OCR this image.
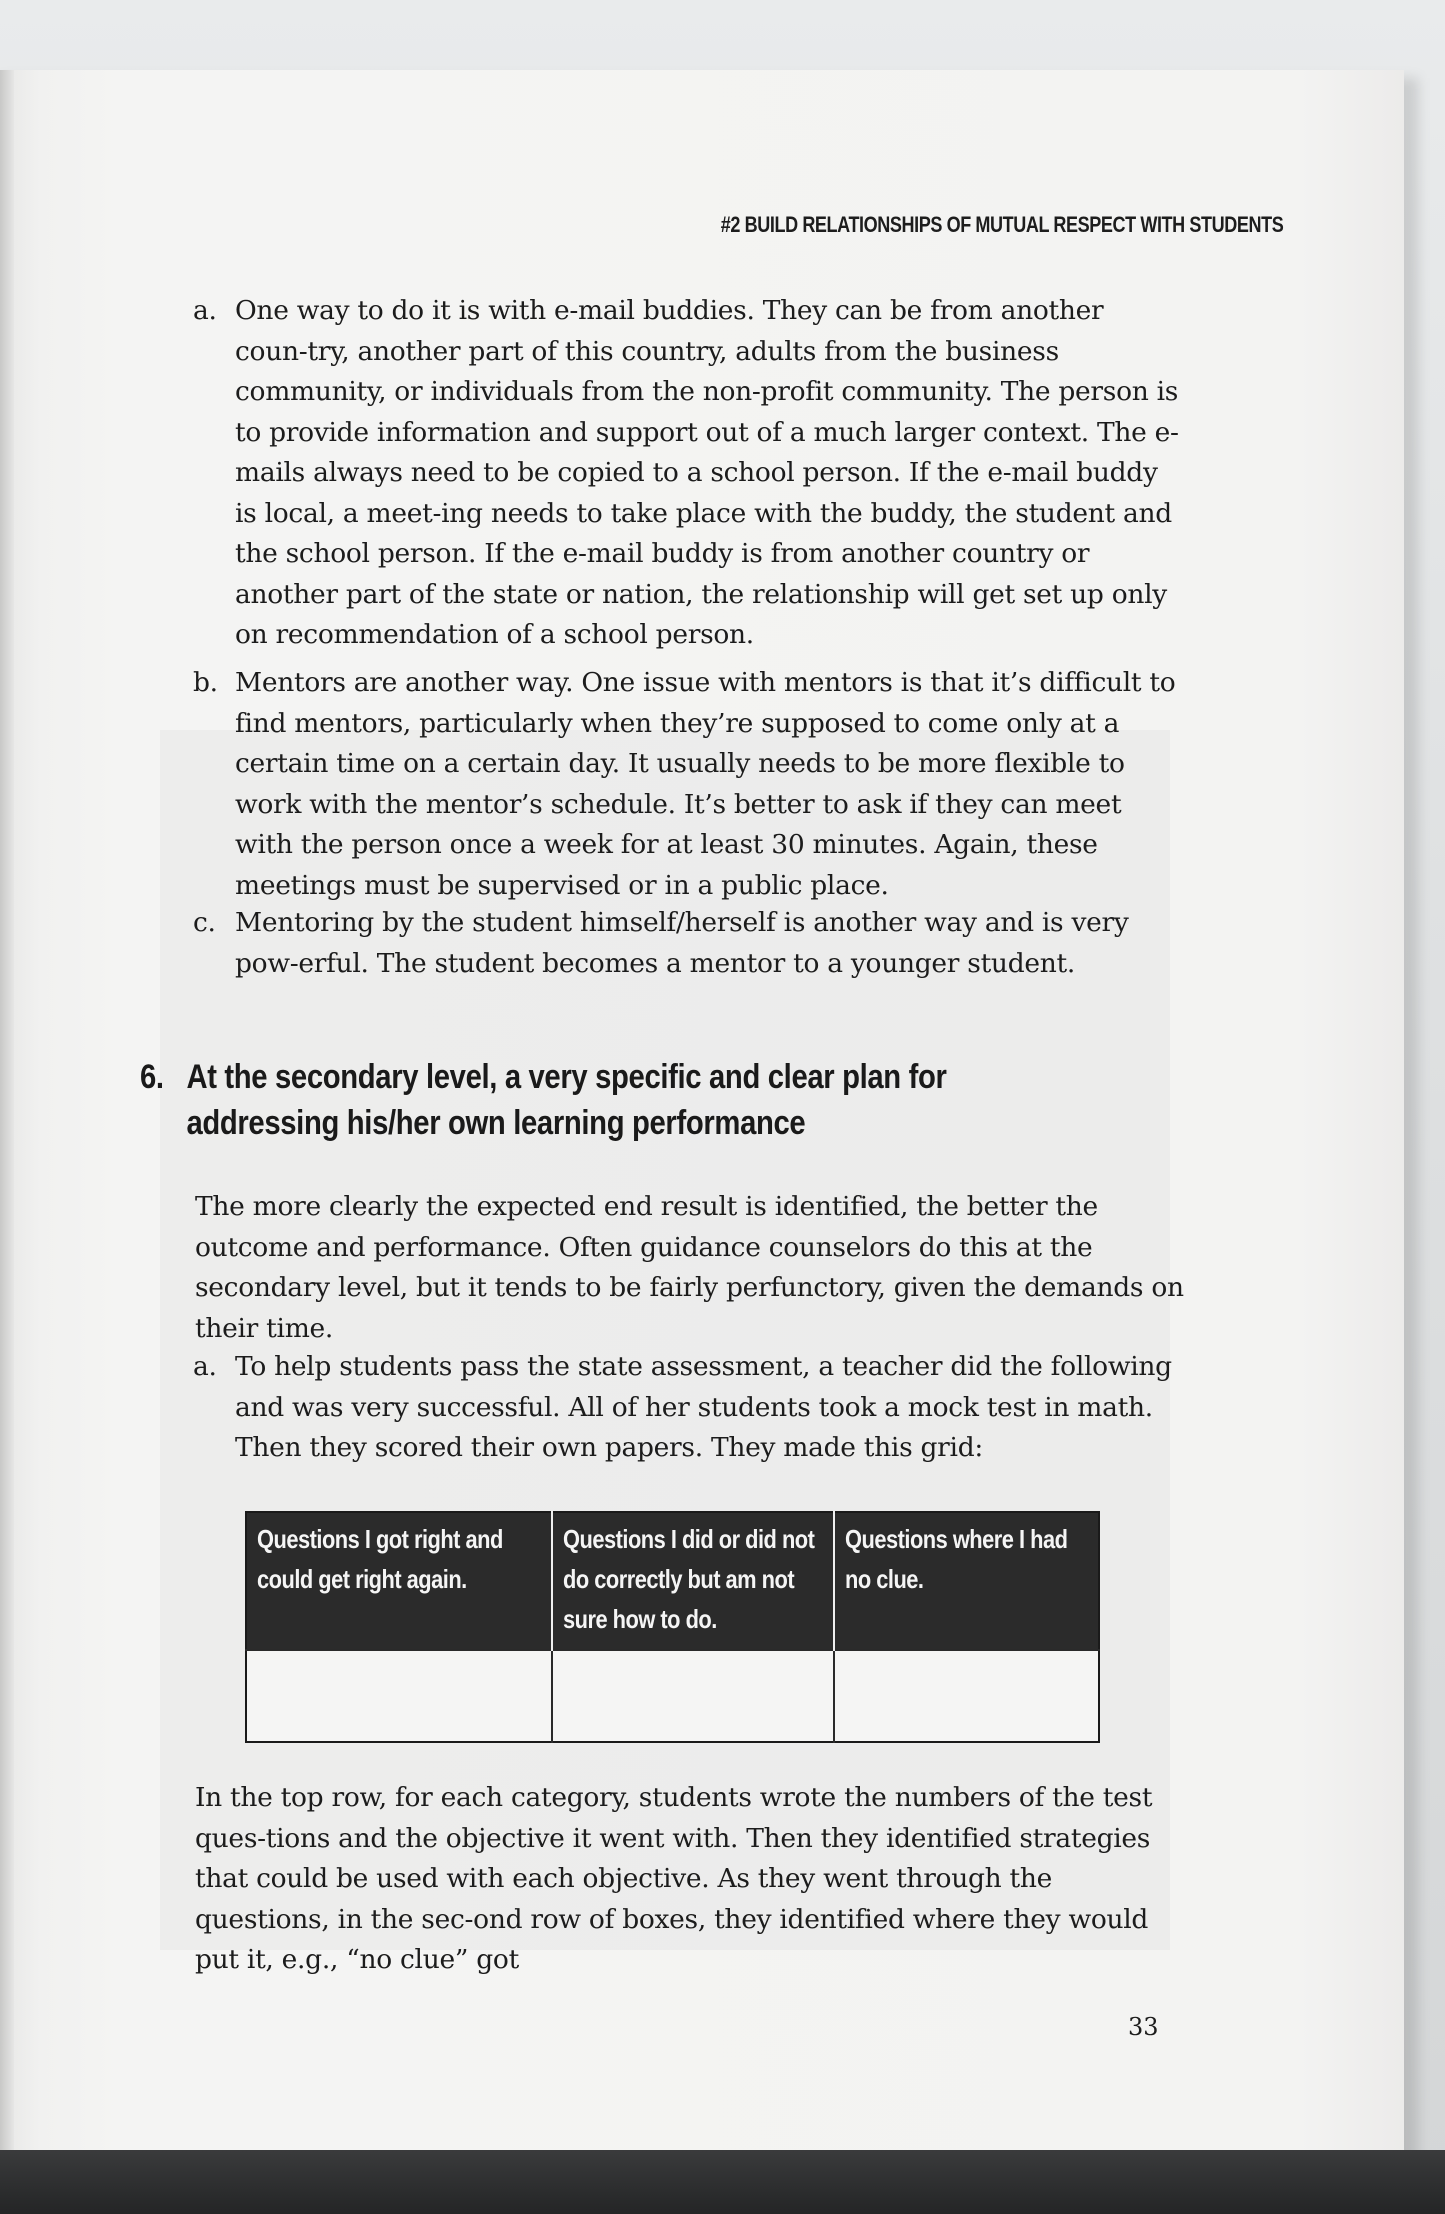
#2 BUILD RELATIONSHIPS OF MUTUAL RESPECT WITH STUDENTS
a. One way to do it is with e-mail buddies. They can be from another coun-try, another part of this country, adults from the business community, or individuals from the non-profit community. The person is to provide information and support out of a much larger context. The e-mails always need to be copied to a school person. If the e-mail buddy is local, a meet-ing needs to take place with the buddy, the student and the school person. If the e-mail buddy is from another country or another part of the state or nation, the relationship will get set up only on recommendation of a school person.
b. Mentors are another way. One issue with mentors is that it’s difficult to find mentors, particularly when they’re supposed to come only at a certain time on a certain day. It usually needs to be more flexible to work with the mentor’s schedule. It’s better to ask if they can meet with the person once a week for at least 30 minutes. Again, these meetings must be supervised or in a public place.
c. Mentoring by the student himself/herself is another way and is very pow-erful. The student becomes a mentor to a younger student.
6. At the secondary level, a very specific and clear plan for addressing his/her own learning performance
The more clearly the expected end result is identified, the better the outcome and performance. Often guidance counselors do this at the secondary level, but it tends to be fairly perfunctory, given the demands on their time.
a. To help students pass the state assessment, a teacher did the following and was very successful. All of her students took a mock test in math. Then they scored their own papers. They made this grid:
Questions I got right and could get right again.	Questions I did or did not do correctly but am not sure how to do.	Questions where I had no clue.

In the top row, for each category, students wrote the numbers of the test ques-tions and the objective it went with. Then they identified strategies that could be used with each objective. As they went through the questions, in the sec-ond row of boxes, they identified where they would put it, e.g., “no clue” got
33
